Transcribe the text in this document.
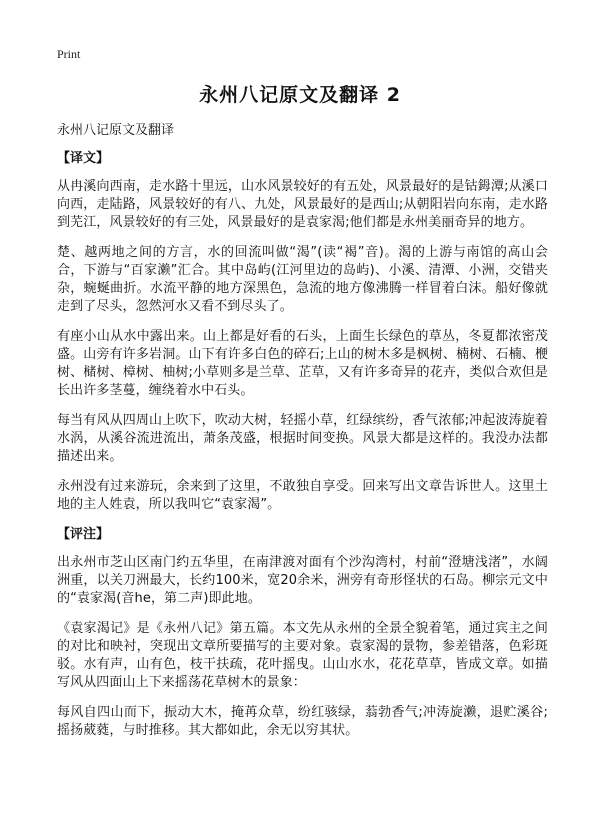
Print
永州八记原文及翻译 2

永州八记原文及翻译

【译文】

从冉溪向西南，走水路十里远，山水风景较好的有五处，风景最好的是钴鉧潭;从溪口向西，走陆路，风景较好的有八、九处，风景最好的是西山;从朝阳岩向东南，走水路到芜江，风景较好的有三处，风景最好的是袁家渴;他们都是永州美丽奇异的地方。

楚、越两地之间的方言，水的回流叫做“渴”(读“褐”音)。渴的上游与南馆的高山会合，下游与“百家濑”汇合。其中岛屿(江河里边的岛屿)、小溪、清潭、小洲，交错夹杂，蜿蜒曲折。水流平静的地方深黑色，急流的地方像沸腾一样冒着白沫。船好像就走到了尽头，忽然河水又看不到尽头了。

有座小山从水中露出来。山上都是好看的石头，上面生长绿色的草丛，冬夏都浓密茂盛。山旁有许多岩洞。山下有许多白色的碎石;上山的树木多是枫树、楠树、石楠、楩树、槠树、樟树、柚树;小草则多是兰草、芷草，又有许多奇异的花卉，类似合欢但是长出许多茎蔓，缠绕着水中石头。

每当有风从四周山上吹下，吹动大树，轻摇小草，红绿缤纷，香气浓郁;冲起波涛旋着水涡，从溪谷流进流出，萧条茂盛，根据时间变换。风景大都是这样的。我没办法都描述出来。

永州没有过来游玩，余来到了这里，不敢独自享受。回来写出文章告诉世人。这里土地的主人姓袁，所以我叫它“袁家渴”。

【评注】

出永州市芝山区南门约五华里，在南津渡对面有个沙沟湾村，村前“澄塘浅渚”，水阔洲重，以关刀洲最大，长约100米，宽20余米，洲旁有奇形怪状的石岛。柳宗元文中的“袁家渴(音he，第二声)即此地。

《袁家渴记》是《永州八记》第五篇。本文先从永州的全景全貌着笔，通过宾主之间的对比和映衬，突现出文章所要描写的主要对象。袁家渴的景物，参差错落，色彩斑驳。水有声，山有色，枝干扶疏，花叶摇曳。山山水水，花花草草，皆成文章。如描写风从四面山上下来摇荡花草树木的景象：

每风自四山而下，振动大木，掩苒众草，纷红骇绿，蓊勃香气;冲涛旋濑，退贮溪谷;摇扬葳蕤，与时推移。其大都如此，余无以穷其状。
